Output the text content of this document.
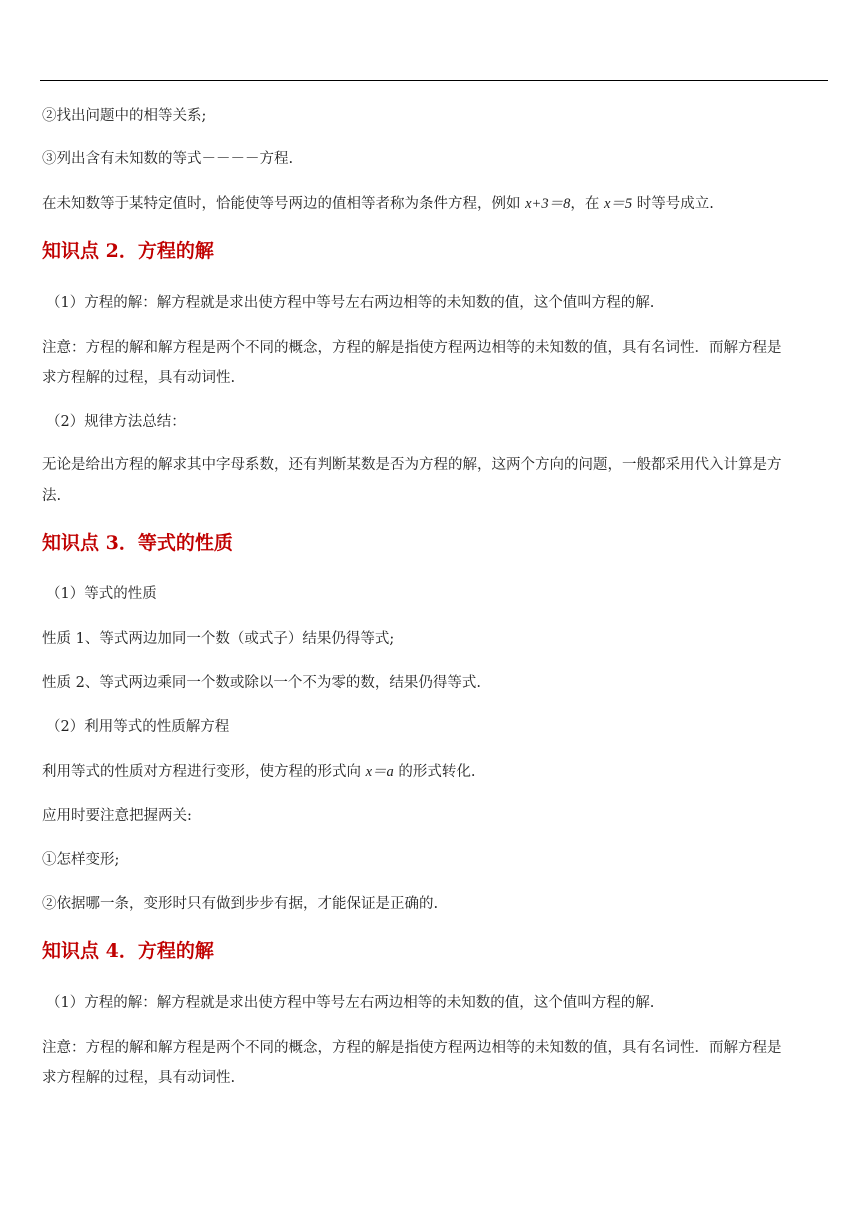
②找出问题中的相等关系;
③列出含有未知数的等式－－－－方程.
在未知数等于某特定值时，恰能使等号两边的值相等者称为条件方程，例如 x+3＝8，在 x＝5 时等号成立.
知识点 2．方程的解
（1）方程的解：解方程就是求出使方程中等号左右两边相等的未知数的值，这个值叫方程的解.
注意：方程的解和解方程是两个不同的概念，方程的解是指使方程两边相等的未知数的值，具有名词性．而解方程是
求方程解的过程，具有动词性.
（2）规律方法总结：
无论是给出方程的解求其中字母系数，还有判断某数是否为方程的解，这两个方向的问题，一般都采用代入计算是方
法.
知识点 3．等式的性质
（1）等式的性质
性质 1、等式两边加同一个数（或式子）结果仍得等式;
性质 2、等式两边乘同一个数或除以一个不为零的数，结果仍得等式.
（2）利用等式的性质解方程
利用等式的性质对方程进行变形，使方程的形式向 x＝a 的形式转化.
应用时要注意把握两关:
①怎样变形;
②依据哪一条，变形时只有做到步步有据，才能保证是正确的.
知识点 4．方程的解
（1）方程的解：解方程就是求出使方程中等号左右两边相等的未知数的值，这个值叫方程的解.
注意：方程的解和解方程是两个不同的概念，方程的解是指使方程两边相等的未知数的值，具有名词性．而解方程是
求方程解的过程，具有动词性.
